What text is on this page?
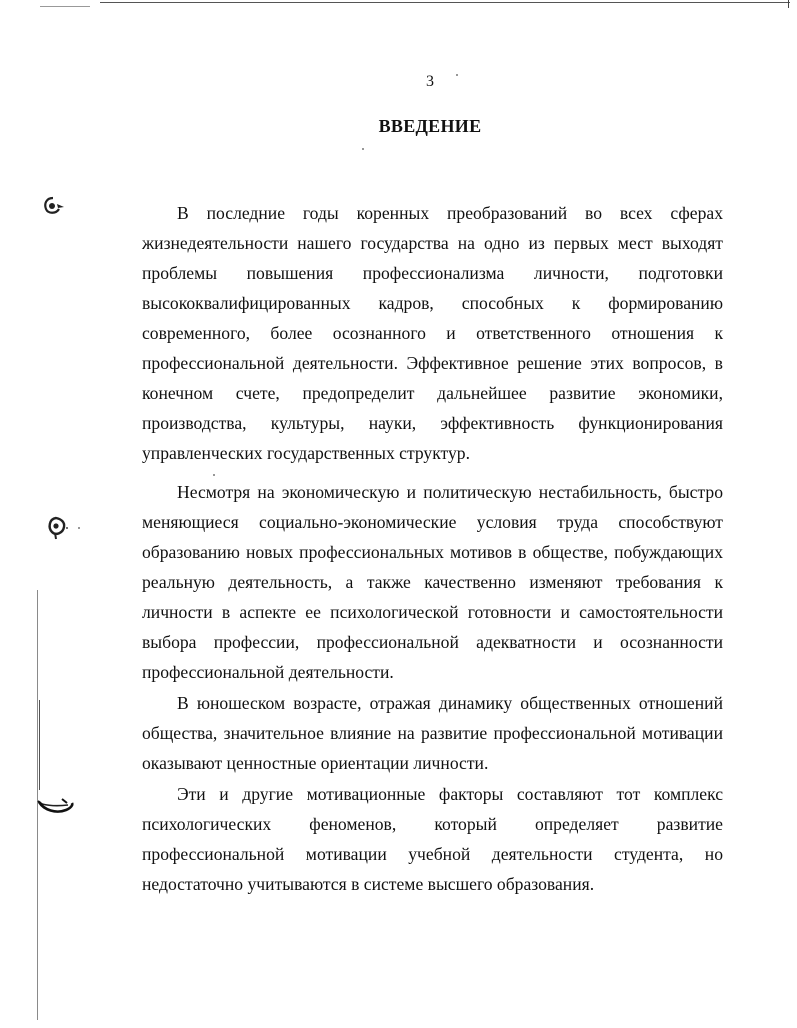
3
ВВЕДЕНИЕ

В последние годы коренных преобразований во всех сферах жизнедеятельности нашего государства на одно из первых мест выходят проблемы повышения профессионализма личности, подготовки высококвалифицированных кадров, способных к формированию современного, более осознанного и ответственного отношения к профессиональной деятельности. Эффективное решение этих вопросов, в конечном счете, предопределит дальнейшее развитие экономики, производства, культуры, науки, эффективность функционирования управленческих государственных структур.

Несмотря на экономическую и политическую нестабильность, быстро меняющиеся социально-экономические условия труда способствуют образованию новых профессиональных мотивов в обществе, побуждающих реальную деятельность, а также качественно изменяют требования к личности в аспекте ее психологической готовности и самостоятельности выбора профессии, профессиональной адекватности и осознанности профессиональной деятельности.

В юношеском возрасте, отражая динамику общественных отношений общества, значительное влияние на развитие профессиональной мотивации оказывают ценностные ориентации личности.

Эти и другие мотивационные факторы составляют тот комплекс психологических феноменов, который определяет развитие профессиональной мотивации учебной деятельности студента, но недостаточно учитываются в системе высшего образования.
